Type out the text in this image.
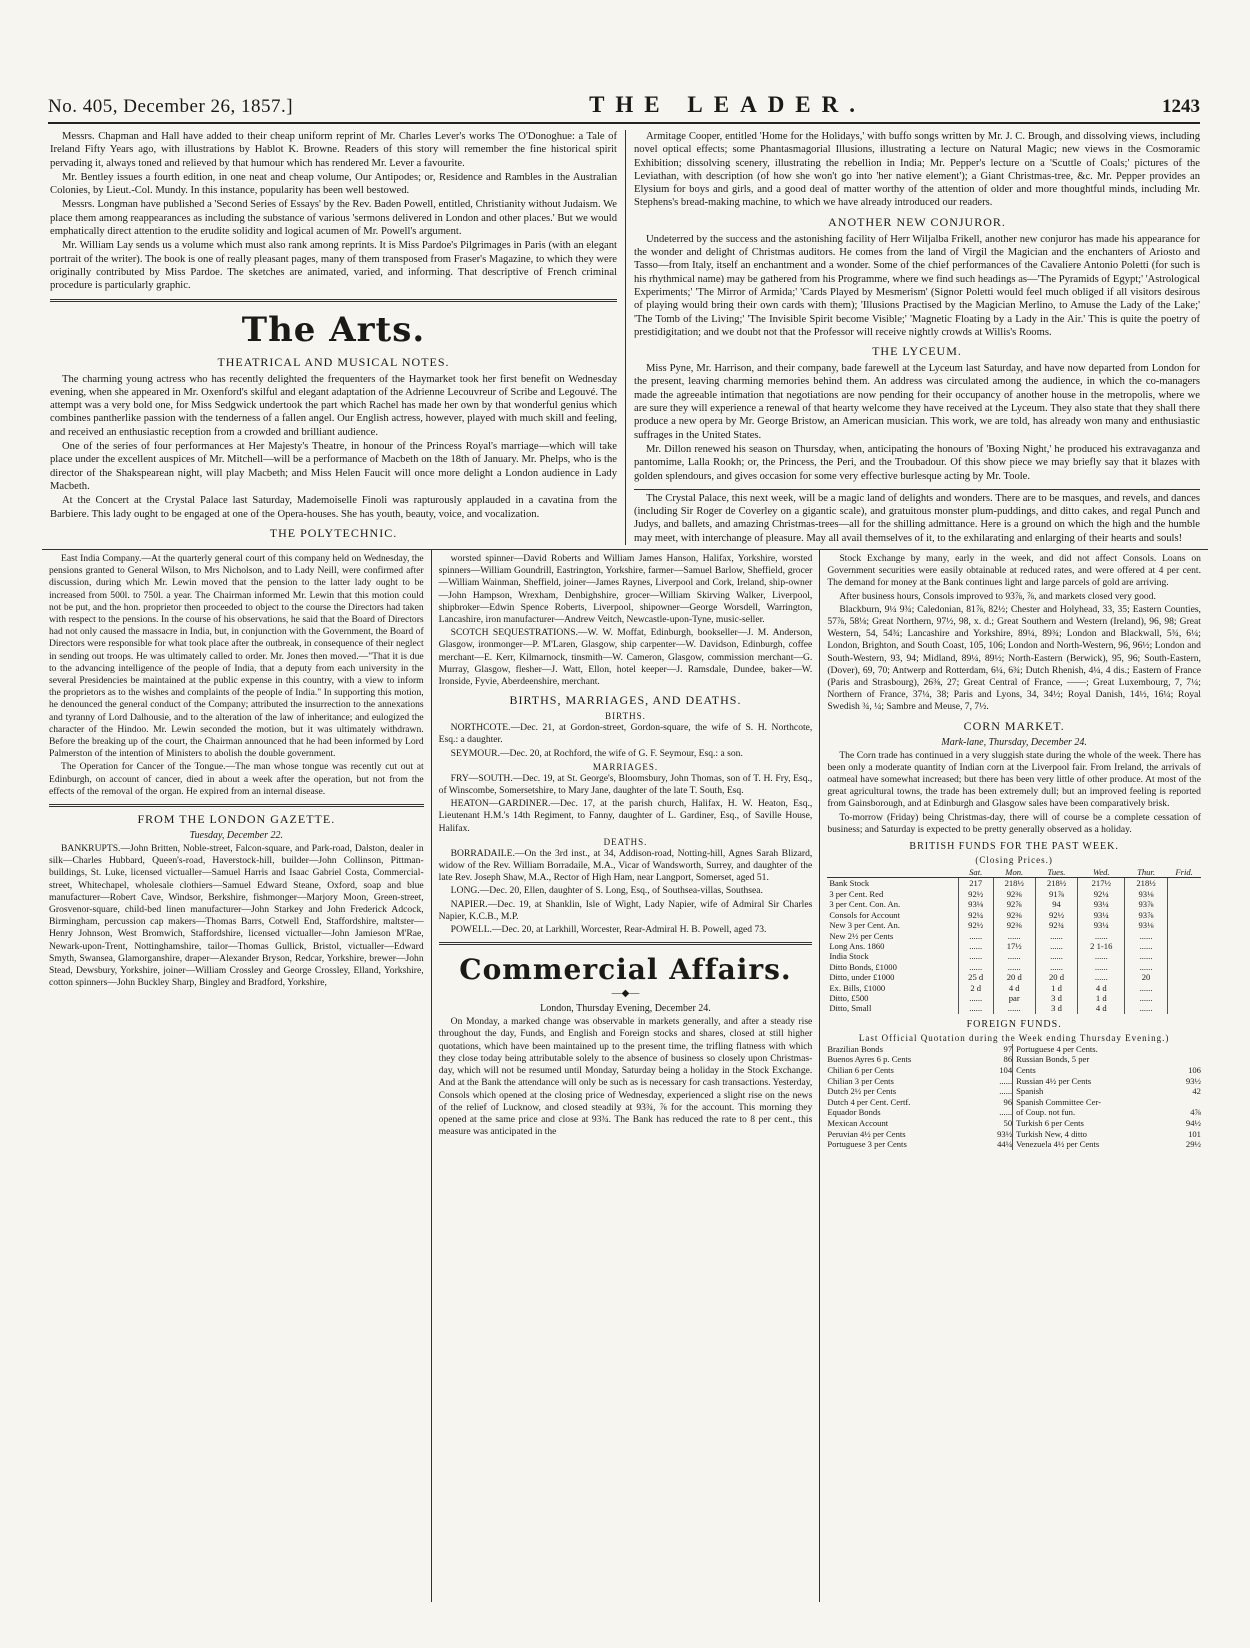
No. 405, December 26, 1857.]	THE LEADER.	1243

Messrs. Chapman and Hall have added to their cheap uniform reprint of Mr. Charles Lever's works The O'Donoghue: a Tale of Ireland Fifty Years ago, with illustrations by Hablot K. Browne. Readers of this story will remember the fine historical spirit pervading it, always toned and relieved by that humour which has rendered Mr. Lever a favourite.

Mr. Bentley issues a fourth edition, in one neat and cheap volume, Our Antipodes; or, Residence and Rambles in the Australian Colonies, by Lieut.-Col. Mundy. In this instance, popularity has been well bestowed.

Messrs. Longman have published a 'Second Series of Essays' by the Rev. Baden Powell, entitled, Christianity without Judaism. We place them among reappearances as including the substance of various 'sermons delivered in London and other places.' But we would emphatically direct attention to the erudite solidity and logical acumen of Mr. Powell's argument.

Mr. William Lay sends us a volume which must also rank among reprints. It is Miss Pardoe's Pilgrimages in Paris (with an elegant portrait of the writer). The book is one of really pleasant pages, many of them transposed from Fraser's Magazine, to which they were originally contributed by Miss Pardoe. The sketches are animated, varied, and informing. That descriptive of French criminal procedure is particularly graphic.

The Arts.
THEATRICAL AND MUSICAL NOTES.

The charming young actress who has recently delighted the frequenters of the Haymarket took her first benefit on Wednesday evening, when she appeared in Mr. Oxenford's skilful and elegant adaptation of the Adrienne Lecouvreur of Scribe and Legouvé. The attempt was a very bold one, for Miss Sedgwick undertook the part which Rachel has made her own by that wonderful genius which combines pantherlike passion with the tenderness of a fallen angel. Our English actress, however, played with much skill and feeling, and received an enthusiastic reception from a crowded and brilliant audience.

One of the series of four performances at Her Majesty's Theatre, in honour of the Princess Royal's marriage—which will take place under the excellent auspices of Mr. Mitchell—will be a performance of Macbeth on the 18th of January. Mr. Phelps, who is the director of the Shakspearean night, will play Macbeth; and Miss Helen Faucit will once more delight a London audience in Lady Macbeth.

At the Concert at the Crystal Palace last Saturday, Mademoiselle Finoli was rapturously applauded in a cavatina from the Barbiere. This lady ought to be engaged at one of the Opera-houses. She has youth, beauty, voice, and vocalization.

THE POLYTECHNIC.

Armitage Cooper, entitled 'Home for the Holidays,' with buffo songs written by Mr. J. C. Brough, and dissolving views, including novel optical effects; some Phantasmagorial Illusions, illustrating a lecture on Natural Magic; new views in the Cosmoramic Exhibition; dissolving scenery, illustrating the rebellion in India; Mr. Pepper's lecture on a 'Scuttle of Coals;' pictures of the Leviathan, with description (of how she won't go into 'her native element'); a Giant Christmas-tree, &c. Mr. Pepper provides an Elysium for boys and girls, and a good deal of matter worthy of the attention of older and more thoughtful minds, including Mr. Stephens's bread-making machine, to which we have already introduced our readers.

ANOTHER NEW CONJUROR.

Undeterred by the success and the astonishing facility of Herr Wiljalba Frikell, another new conjuror has made his appearance for the wonder and delight of Christmas auditors. He comes from the land of Virgil the Magician and the enchanters of Ariosto and Tasso—from Italy, itself an enchantment and a wonder. Some of the chief performances of the Cavaliere Antonio Poletti (for such is his rhythmical name) may be gathered from his Programme, where we find such headings as—'The Pyramids of Egypt;' 'Astrological Experiments;' 'The Mirror of Armida;' 'Cards Played by Mesmerism' (Signor Poletti would feel much obliged if all visitors desirous of playing would bring their own cards with them); 'Illusions Practised by the Magician Merlino, to Amuse the Lady of the Lake;' 'The Tomb of the Living;' 'The Invisible Spirit become Visible;' 'Magnetic Floating by a Lady in the Air.' This is quite the poetry of prestidigitation; and we doubt not that the Professor will receive nightly crowds at Willis's Rooms.

THE LYCEUM.

Miss Pyne, Mr. Harrison, and their company, bade farewell at the Lyceum last Saturday, and have now departed from London for the present, leaving charming memories behind them. An address was circulated among the audience, in which the co-managers made the agreeable intimation that negotiations are now pending for their occupancy of another house in the metropolis, where we are sure they will experience a renewal of that hearty welcome they have received at the Lyceum. They also state that they shall there produce a new opera by Mr. George Bristow, an American musician. This work, we are told, has already won many and enthusiastic suffrages in the United States.

Mr. Dillon renewed his season on Thursday, when, anticipating the honours of 'Boxing Night,' he produced his extravaganza and pantomime, Lalla Rookh; or, the Princess, the Peri, and the Troubadour. Of this show piece we may briefly say that it blazes with golden splendours, and gives occasion for some very effective burlesque acting by Mr. Toole.

The Crystal Palace, this next week, will be a magic land of delights and wonders. There are to be masques, and revels, and dances (including Sir Roger de Coverley on a gigantic scale), and gratuitous monster plum-puddings, and ditto cakes, and regal Punch and Judys, and ballets, and amazing Christmas-trees—all for the shilling admittance. Here is a ground on which the high and the humble may meet, with interchange of pleasure. May all avail themselves of it, to the exhilarating and enlarging of their hearts and souls!

East India Company.—At the quarterly general court of this company held on Wednesday, the pensions granted to General Wilson, to Mrs Nicholson, and to Lady Neill, were confirmed after discussion, during which Mr. Lewin moved that the pension to the latter lady ought to be increased from 500l. to 750l. a year. The Chairman informed Mr. Lewin that this motion could not be put, and the hon. proprietor then proceeded to object to the course the Directors had taken with respect to the pensions. In the course of his observations, he said that the Board of Directors had not only caused the massacre in India, but, in conjunction with the Government, the Board of Directors were responsible for what took place after the outbreak, in consequence of their neglect in sending out troops. He was ultimately called to order. Mr. Jones then moved.—"That it is due to the advancing intelligence of the people of India, that a deputy from each university in the several Presidencies be maintained at the public expense in this country, with a view to inform the proprietors as to the wishes and complaints of the people of India." In supporting this motion, he denounced the general conduct of the Company; attributed the insurrection to the annexations and tyranny of Lord Dalhousie, and to the alteration of the law of inheritance; and eulogized the character of the Hindoo. Mr. Lewin seconded the motion, but it was ultimately withdrawn. Before the breaking up of the court, the Chairman announced that he had been informed by Lord Palmerston of the intention of Ministers to abolish the double government.

The Operation for Cancer of the Tongue.—The man whose tongue was recently cut out at Edinburgh, on account of cancer, died in about a week after the operation, but not from the effects of the removal of the organ. He expired from an internal disease.

FROM THE LONDON GAZETTE.
Tuesday, December 22.

BANKRUPTS.—John Britten, Noble-street, Falcon-square, and Park-road, Dalston, dealer in silk—Charles Hubbard, Queen's-road, Haverstock-hill, builder—John Collinson, Pittman-buildings, St. Luke, licensed victualler—Samuel Harris and Isaac Gabriel Costa, Commercial-street, Whitechapel, wholesale clothiers—Samuel Edward Steane, Oxford, soap and blue manufacturer—Robert Cave, Windsor, Berkshire, fishmonger—Marjory Moon, Green-street, Grosvenor-square, child-bed linen manufacturer—John Starkey and John Frederick Adcock, Birmingham, percussion cap makers—Thomas Barrs, Cotwell End, Staffordshire, maltster—Henry Johnson, West Bromwich, Staffordshire, licensed victualler—John Jamieson M'Rae, Newark-upon-Trent, Nottinghamshire, tailor—Thomas Gullick, Bristol, victualler—Edward Smyth, Swansea, Glamorganshire, draper—Alexander Bryson, Redcar, Yorkshire, brewer—John Stead, Dewsbury, Yorkshire, joiner—William Crossley and George Crossley, Elland, Yorkshire, cotton spinners—John Buckley Sharp, Bingley and Bradford, Yorkshire,

worsted spinner—David Roberts and William James Hanson, Halifax, Yorkshire, worsted spinners—William Goundrill, Eastrington, Yorkshire, farmer—Samuel Barlow, Sheffield, grocer—William Wainman, Sheffield, joiner—James Raynes, Liverpool and Cork, Ireland, ship-owner—John Hampson, Wrexham, Denbighshire, grocer—William Skirving Walker, Liverpool, shipbroker—Edwin Spence Roberts, Liverpool, shipowner—George Worsdell, Warrington, Lancashire, iron manufacturer—Andrew Veitch, Newcastle-upon-Tyne, music-seller.

SCOTCH SEQUESTRATIONS.—W. W. Moffat, Edinburgh, bookseller—J. M. Anderson, Glasgow, ironmonger—P. M'Laren, Glasgow, ship carpenter—W. Davidson, Edinburgh, coffee merchant—E. Kerr, Kilmarnock, tinsmith—W. Cameron, Glasgow, commission merchant—G. Murray, Glasgow, flesher—J. Watt, Ellon, hotel keeper—J. Ramsdale, Dundee, baker—W. Ironside, Fyvie, Aberdeenshire, merchant.

BIRTHS, MARRIAGES, AND DEATHS.
BIRTHS.

NORTHCOTE.—Dec. 21, at Gordon-street, Gordon-square, the wife of S. H. Northcote, Esq.: a daughter.

SEYMOUR.—Dec. 20, at Rochford, the wife of G. F. Seymour, Esq.: a son.

MARRIAGES.

FRY—SOUTH.—Dec. 19, at St. George's, Bloomsbury, John Thomas, son of T. H. Fry, Esq., of Winscombe, Somersetshire, to Mary Jane, daughter of the late T. South, Esq.

HEATON—GARDINER.—Dec. 17, at the parish church, Halifax, H. W. Heaton, Esq., Lieutenant H.M.'s 14th Regiment, to Fanny, daughter of L. Gardiner, Esq., of Saville House, Halifax.

DEATHS.

BORRADAILE.—On the 3rd inst., at 34, Addison-road, Notting-hill, Agnes Sarah Blizard, widow of the Rev. William Borradaile, M.A., Vicar of Wandsworth, Surrey, and daughter of the late Rev. Joseph Shaw, M.A., Rector of High Ham, near Langport, Somerset, aged 51.

LONG.—Dec. 20, Ellen, daughter of S. Long, Esq., of Southsea-villas, Southsea.

NAPIER.—Dec. 19, at Shanklin, Isle of Wight, Lady Napier, wife of Admiral Sir Charles Napier, K.C.B., M.P.

POWELL.—Dec. 20, at Larkhill, Worcester, Rear-Admiral H. B. Powell, aged 73.

Commercial Affairs.
—◆—
London, Thursday Evening, December 24.

On Monday, a marked change was observable in markets generally, and after a steady rise throughout the day, Funds, and English and Foreign stocks and shares, closed at still higher quotations, which have been maintained up to the present time, the trifling flatness with which they close today being attributable solely to the absence of business so closely upon Christmas-day, which will not be resumed until Monday, Saturday being a holiday in the Stock Exchange. And at the Bank the attendance will only be such as is necessary for cash transactions. Yesterday, Consols which opened at the closing price of Wednesday, experienced a slight rise on the news of the relief of Lucknow, and closed steadily at 93¾, ⅞ for the account. This morning they opened at the same price and close at 93¾. The Bank has reduced the rate to 8 per cent., this measure was anticipated in the

Stock Exchange by many, early in the week, and did not affect Consols. Loans on Government securities were easily obtainable at reduced rates, and were offered at 4 per cent. The demand for money at the Bank continues light and large parcels of gold are arriving.

After business hours, Consols improved to 93⅞, ⅞, and markets closed very good.

Blackburn, 9¼ 9¾; Caledonian, 81⅞, 82½; Chester and Holyhead, 33, 35; Eastern Counties, 57⅞, 58⅛; Great Northern, 97½, 98, x. d.; Great Southern and Western (Ireland), 96, 98; Great Western, 54, 54¾; Lancashire and Yorkshire, 89¼, 89¾; London and Blackwall, 5¾, 6¼; London, Brighton, and South Coast, 105, 106; London and North-Western, 96, 96½; London and South-Western, 93, 94; Midland, 89¼, 89½; North-Eastern (Berwick), 95, 96; South-Eastern, (Dover), 69, 70; Antwerp and Rotterdam, 6¼, 6¾; Dutch Rhenish, 4¼, 4 dis.; Eastern of France (Paris and Strasbourg), 26⅜, 27; Great Central of France, ——; Great Luxembourg, 7, 7¼; Northern of France, 37¼, 38; Paris and Lyons, 34, 34½; Royal Danish, 14½, 16¼; Royal Swedish ¾, ¼; Sambre and Meuse, 7, 7½.

CORN MARKET.
Mark-lane, Thursday, December 24.

The Corn trade has continued in a very sluggish state during the whole of the week. There has been only a moderate quantity of Indian corn at the Liverpool fair. From Ireland, the arrivals of oatmeal have somewhat increased; but there has been very little of other produce. At most of the great agricultural towns, the trade has been extremely dull; but an improved feeling is reported from Gainsborough, and at Edinburgh and Glasgow sales have been comparatively brisk.

To-morrow (Friday) being Christmas-day, there will of course be a complete cessation of business; and Saturday is expected to be pretty generally observed as a holiday.

BRITISH FUNDS FOR THE PAST WEEK.
(Closing Prices.)
	Sat.	Mon.	Tues.	Wed.	Thur.	Frid.
Bank Stock	217	218½	218½	217½	218½	
3 per Cent. Red	92½	92⅜	91⅞	92¼	93⅛	
3 per Cent. Con. An.	93⅛	92⅞	94	93¼	93⅞	
Consols for Account	92¼	92⅜	92½	93¼	93⅞	
New 3 per Cent. An.	92½	92⅜	92¾	93¼	93⅛	
New 2½ per Cents	......	......	......	......	......	
Long Ans. 1860	......	17½	......	2 1-16	......	
India Stock	......	......	......	......	......	
Ditto Bonds, £1000	......	......	......	......	......	
Ditto, under £1000	25 d	20 d	20 d	......	20	
Ex. Bills, £1000	2 d	4 d	1 d	4 d	......	
Ditto, £500	......	par	3 d	1 d	......	
Ditto, Small	......	......	3 d	4 d	......	
FOREIGN FUNDS.
Last Official Quotation during the Week ending Thursday Evening.)
Brazilian Bonds	97
Buenos Ayres 6 p. Cents	86
Chilian 6 per Cents	104
Chilian 3 per Cents	......
Dutch 2½ per Cents	......
Dutch 4 per Cent. Certf.	96
Equador Bonds	......
Mexican Account	50
Peruvian 4½ per Cents	93½
Portuguese 3 per Cents	44¼
Portuguese 4 per Cents.
Russian Bonds, 5 per
Cents	106
Russian 4½ per Cents	93½
Spanish	42
Spanish Committee Cer-
of Coup. not fun.	4⅞
Turkish 6 per Cents	94½
Turkish New, 4 ditto	101
Venezuela 4½ per Cents	29½
